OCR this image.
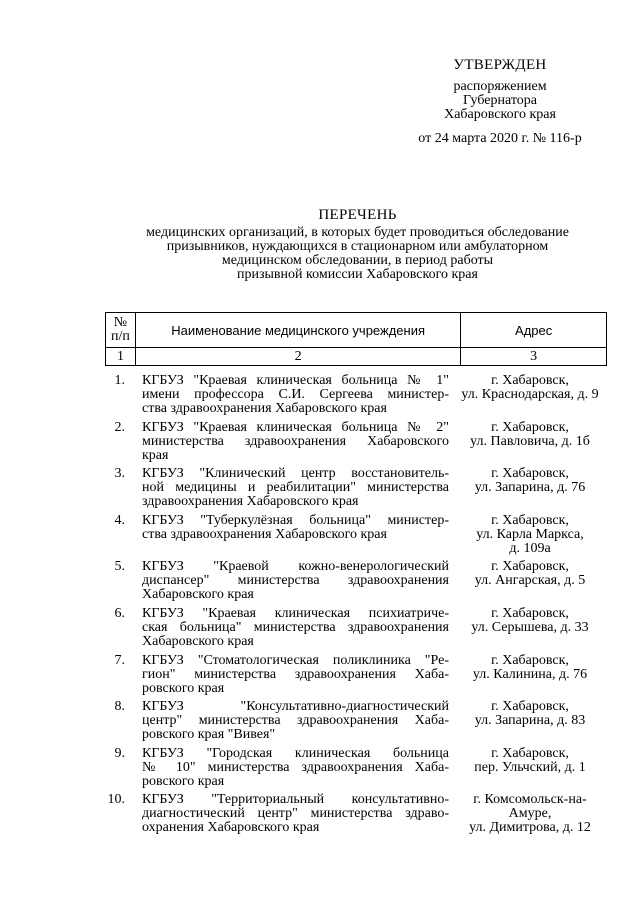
УТВЕРЖДЕН
распоряжением
Губернатора
Хабаровского края
от 24 марта 2020 г. № 116-р
ПЕРЕЧЕНЬ
медицинских организаций, в которых будет проводиться обследование
призывников, нуждающихся в стационарном или амбулаторном
медицинском обследовании, в период работы
призывной комиссии Хабаровского края
№
п/п	Наименование медицинского учреждения	Адрес
1	2	3
1. КГБУЗ "Краевая клиническая больница № 1"
имени профессора С.И. Сергеева министер-
ства здравоохранения Хабаровского края
г. Хабаровск,
ул. Краснодарская, д. 9
2. КГБУЗ "Краевая клиническая больница № 2"
министерства здравоохранения Хабаровского
края
г. Хабаровск,
ул. Павловича, д. 1б
3. КГБУЗ "Клинический центр восстановитель-
ной медицины и реабилитации" министерства
здравоохранения Хабаровского края
г. Хабаровск,
ул. Запарина, д. 76
4. КГБУЗ "Туберкулёзная больница" министер-
ства здравоохранения Хабаровского края
г. Хабаровск,
ул. Карла Маркса,
д. 109а
5. КГБУЗ "Краевой кожно-венерологический
диспансер" министерства здравоохранения
Хабаровского края
г. Хабаровск,
ул. Ангарская, д. 5
6. КГБУЗ "Краевая клиническая психиатриче-
ская больница" министерства здравоохранения
Хабаровского края
г. Хабаровск,
ул. Серышева, д. 33
7. КГБУЗ "Стоматологическая поликлиника "Ре-
гион" министерства здравоохранения Хаба-
ровского края
г. Хабаровск,
ул. Калинина, д. 76
8. КГБУЗ "Консультативно-диагностический
центр" министерства здравоохранения Хаба-
ровского края "Вивея"
г. Хабаровск,
ул. Запарина, д. 83
9. КГБУЗ "Городская клиническая больница
№ 10" министерства здравоохранения Хаба-
ровского края
г. Хабаровск,
пер. Ульчский, д. 1
10. КГБУЗ "Территориальный консультативно-
диагностический центр" министерства здраво-
охранения Хабаровского края
г. Комсомольск-на-
Амуре,
ул. Димитрова, д. 12
